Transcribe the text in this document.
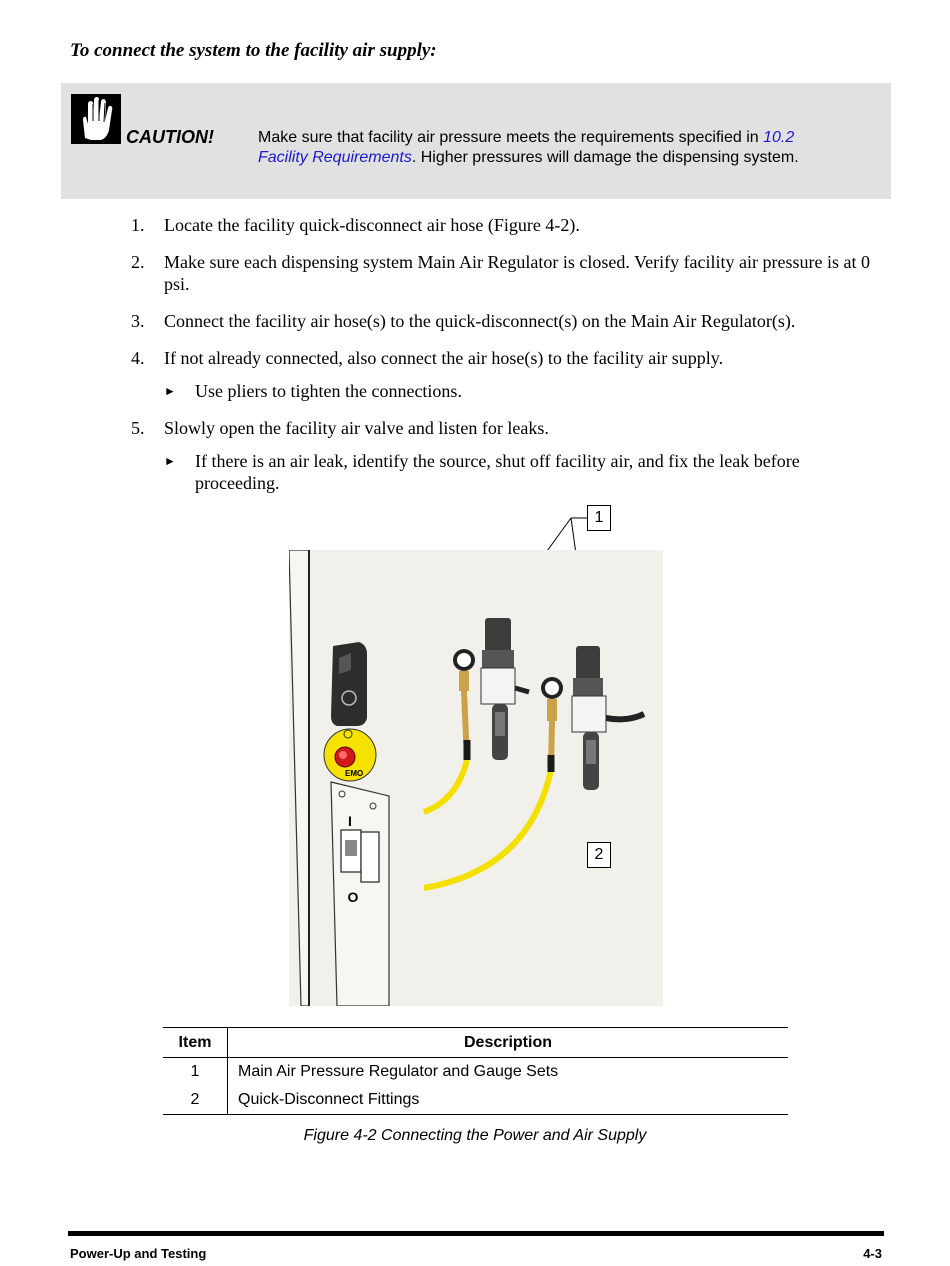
To connect the system to the facility air supply:
CAUTION!	Make sure that facility air pressure meets the requirements specified in 10.2 Facility Requirements. Higher pressures will damage the dispensing system.
1. Locate the facility quick-disconnect air hose (Figure 4-2).
2. Make sure each dispensing system Main Air Regulator is closed. Verify facility air pressure is at 0 psi.
3. Connect the facility air hose(s) to the quick-disconnect(s) on the Main Air Regulator(s).
4. If not already connected, also connect the air hose(s) to the facility air supply.
► Use pliers to tighten the connections.
5. Slowly open the facility air valve and listen for leaks.
► If there is an air leak, identify the source, shut off facility air, and fix the leak before proceeding.
EMO
I
O
1
2
Item	Description
1	Main Air Pressure Regulator and Gauge Sets
2	Quick-Disconnect Fittings
Figure 4-2 Connecting the Power and Air Supply
Power-Up and Testing	4-3
